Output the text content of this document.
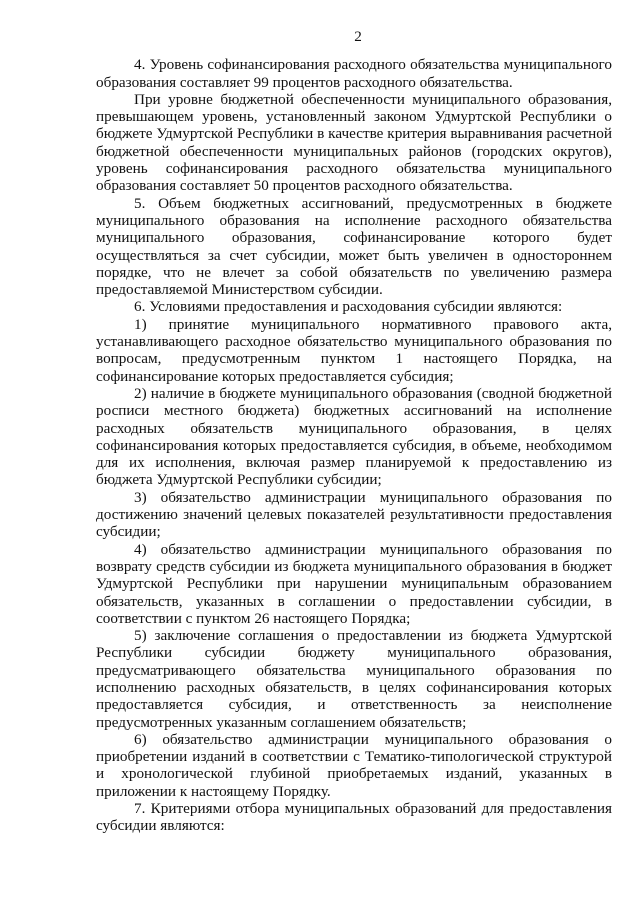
2

4. Уровень софинансирования расходного обязательства муниципального образования составляет 99 процентов расходного обязательства.

При уровне бюджетной обеспеченности муниципального образования, превышающем уровень, установленный законом Удмуртской Республики о бюджете Удмуртской Республики в качестве критерия выравнивания расчетной бюджетной обеспеченности муниципальных районов (городских округов), уровень софинансирования расходного обязательства муниципального образования составляет 50 процентов расходного обязательства.

5. Объем бюджетных ассигнований, предусмотренных в бюджете муниципального образования на исполнение расходного обязательства муниципального образования, софинансирование которого будет осуществляться за счет субсидии, может быть увеличен в одностороннем порядке, что не влечет за собой обязательств по увеличению размера предоставляемой Министерством субсидии.

6. Условиями предоставления и расходования субсидии являются:

1) принятие муниципального нормативного правового акта, устанавливающего расходное обязательство муниципального образования по вопросам, предусмотренным пунктом 1 настоящего Порядка, на софинансирование которых предоставляется субсидия;

2) наличие в бюджете муниципального образования (сводной бюджетной росписи местного бюджета) бюджетных ассигнований на исполнение расходных обязательств муниципального образования, в целях софинансирования которых предоставляется субсидия, в объеме, необходимом для их исполнения, включая размер планируемой к предоставлению из бюджета Удмуртской Республики субсидии;

3) обязательство администрации муниципального образования по достижению значений целевых показателей результативности предоставления субсидии;

4) обязательство администрации муниципального образования по возврату средств субсидии из бюджета муниципального образования в бюджет Удмуртской Республики при нарушении муниципальным образованием обязательств, указанных в соглашении о предоставлении субсидии, в соответствии с пунктом 26 настоящего Порядка;

5) заключение соглашения о предоставлении из бюджета Удмуртской Республики субсидии бюджету муниципального образования, предусматривающего обязательства муниципального образования по исполнению расходных обязательств, в целях софинансирования которых предоставляется субсидия, и ответственность за неисполнение предусмотренных указанным соглашением обязательств;

6) обязательство администрации муниципального образования о приобретении изданий в соответствии с Тематико-типологической структурой и хронологической глубиной приобретаемых изданий, указанных в приложении к настоящему Порядку.

7. Критериями отбора муниципальных образований для предоставления субсидии являются:
